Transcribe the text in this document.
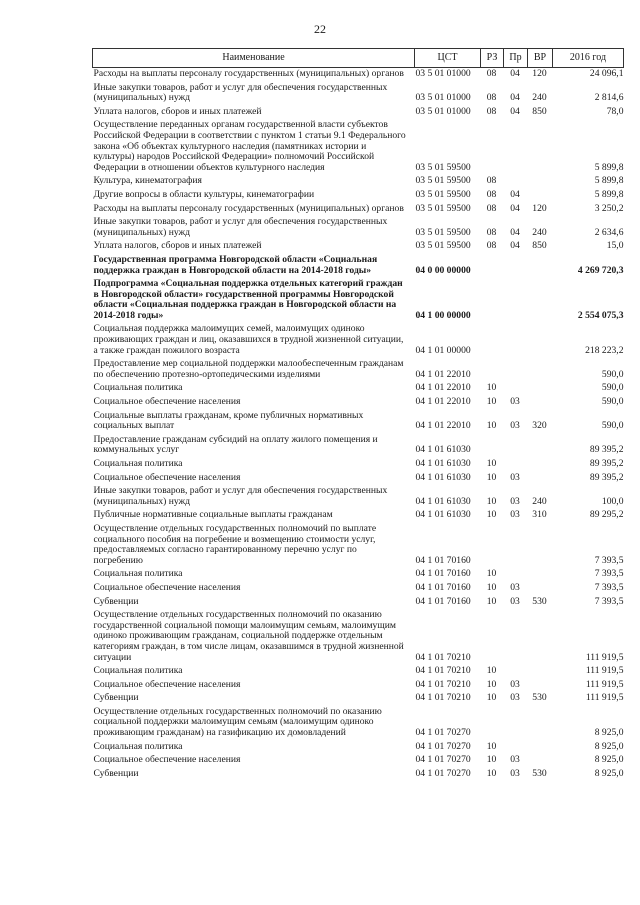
22
Наименование	ЦСТ	РЗ	Пр	ВР	2016 год
Расходы на выплаты персоналу государственных (муниципальных) органов	03 5 01 01000	08	04	120	24 096,1
Иные закупки товаров, работ и услуг для обеспечения государственных (муниципальных) нужд	03 5 01 01000	08	04	240	2 814,6
Уплата налогов, сборов и иных платежей	03 5 01 01000	08	04	850	78,0
Осуществление переданных органам государственной власти субъектов Российской Федерации в соответствии с пунктом 1 статьи 9.1 Федерального закона «Об объектах культурного наследия (памятниках истории и культуры) народов Российской Федерации» полномочий Российской Федерации в отношении объектов культурного наследия	03 5 01 59500				5 899,8
Культура, кинематография	03 5 01 59500	08			5 899,8
Другие вопросы в области культуры, кинематографии	03 5 01 59500	08	04		5 899,8
Расходы на выплаты персоналу государственных (муниципальных) органов	03 5 01 59500	08	04	120	3 250,2
Иные закупки товаров, работ и услуг для обеспечения государственных (муниципальных) нужд	03 5 01 59500	08	04	240	2 634,6
Уплата налогов, сборов и иных платежей	03 5 01 59500	08	04	850	15,0
Государственная программа Новгородской области «Социальная поддержка граждан в Новгородской области на 2014-2018 годы»	04 0 00 00000				4 269 720,3
Подпрограмма «Социальная поддержка отдельных категорий граждан в Новгородской области» государственной программы Новгородской области «Социальная поддержка граждан в Новгородской области на 2014-2018 годы»	04 1 00 00000				2 554 075,3
Социальная поддержка малоимущих семей, малоимущих одиноко проживающих граждан и лиц, оказавшихся в трудной жизненной ситуации, а также граждан пожилого возраста	04 1 01 00000				218 223,2
Предоставление мер социальной поддержки малообеспеченным гражданам по обеспечению протезно-ортопедическими изделиями	04 1 01 22010				590,0
Социальная политика	04 1 01 22010	10			590,0
Социальное обеспечение населения	04 1 01 22010	10	03		590,0
Социальные выплаты гражданам, кроме публичных нормативных социальных выплат	04 1 01 22010	10	03	320	590,0
Предоставление гражданам субсидий на оплату жилого помещения и коммунальных услуг	04 1 01 61030				89 395,2
Социальная политика	04 1 01 61030	10			89 395,2
Социальное обеспечение населения	04 1 01 61030	10	03		89 395,2
Иные закупки товаров, работ и услуг для обеспечения государственных (муниципальных) нужд	04 1 01 61030	10	03	240	100,0
Публичные нормативные социальные выплаты гражданам	04 1 01 61030	10	03	310	89 295,2
Осуществление отдельных государственных полномочий по выплате социального пособия на погребение и возмещению стоимости услуг, предоставляемых согласно гарантированному перечню услуг по погребению	04 1 01 70160				7 393,5
Социальная политика	04 1 01 70160	10			7 393,5
Социальное обеспечение населения	04 1 01 70160	10	03		7 393,5
Субвенции	04 1 01 70160	10	03	530	7 393,5
Осуществление отдельных государственных полномочий по оказанию государственной социальной помощи малоимущим семьям, малоимущим одиноко проживающим гражданам, социальной поддержке отдельным категориям граждан, в том числе лицам, оказавшимся в трудной жизненной ситуации	04 1 01 70210				111 919,5
Социальная политика	04 1 01 70210	10			111 919,5
Социальное обеспечение населения	04 1 01 70210	10	03		111 919,5
Субвенции	04 1 01 70210	10	03	530	111 919,5
Осуществление отдельных государственных полномочий по оказанию социальной поддержки малоимущим семьям (малоимущим одиноко проживающим гражданам) на газификацию их домовладений	04 1 01 70270				8 925,0
Социальная политика	04 1 01 70270	10			8 925,0
Социальное обеспечение населения	04 1 01 70270	10	03		8 925,0
Субвенции	04 1 01 70270	10	03	530	8 925,0
